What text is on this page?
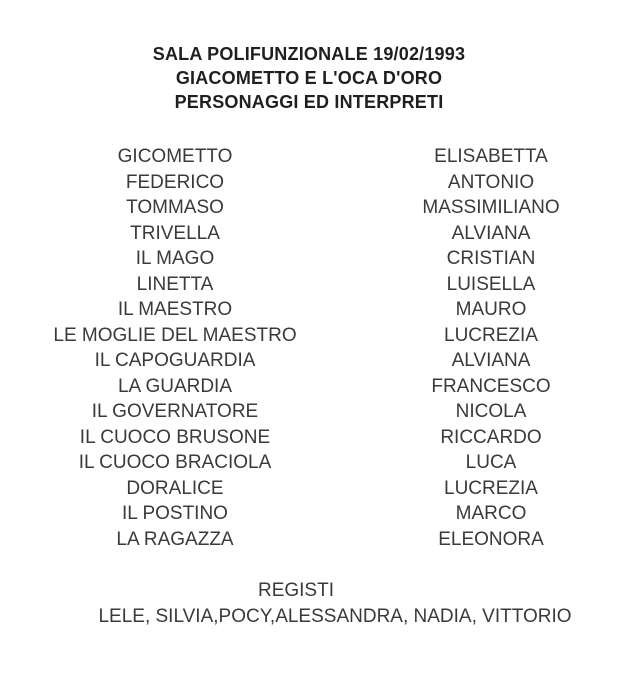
SALA POLIFUNZIONALE 19/02/1993
GIACOMETTO E L'OCA D'ORO
PERSONAGGI ED INTERPRETI
GICOMETTO	ELISABETTA
FEDERICO	ANTONIO
TOMMASO	MASSIMILIANO
TRIVELLA	ALVIANA
IL MAGO	CRISTIAN
LINETTA	LUISELLA
IL MAESTRO	MAURO
LE MOGLIE DEL MAESTRO	LUCREZIA
IL CAPOGUARDIA	ALVIANA
LA GUARDIA	FRANCESCO
IL GOVERNATORE	NICOLA
IL CUOCO BRUSONE	RICCARDO
IL CUOCO BRACIOLA	LUCA
DORALICE	LUCREZIA
IL POSTINO	MARCO
LA RAGAZZA	ELEONORA
REGISTI
LELE, SILVIA,POCY,ALESSANDRA, NADIA, VITTORIO
